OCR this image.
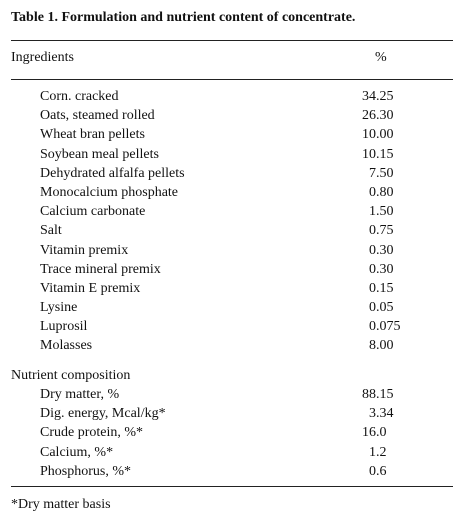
Table 1. Formulation and nutrient content of concentrate.
Ingredients	%
Corn. cracked	34.25
Oats, steamed rolled	26.30
Wheat bran pellets	10.00
Soybean meal pellets	10.15
Dehydrated alfalfa pellets	7.50
Monocalcium phosphate	0.80
Calcium carbonate	1.50
Salt	0.75
Vitamin premix	0.30
Trace mineral premix	0.30
Vitamin E premix	0.15
Lysine	0.05
Luprosil	0.075
Molasses	8.00
Nutrient composition
Dry matter, %	88.15
Dig. energy, Mcal/kg*	3.34
Crude protein, %*	16.0
Calcium, %*	1.2
Phosphorus, %*	0.6
*Dry matter basis
